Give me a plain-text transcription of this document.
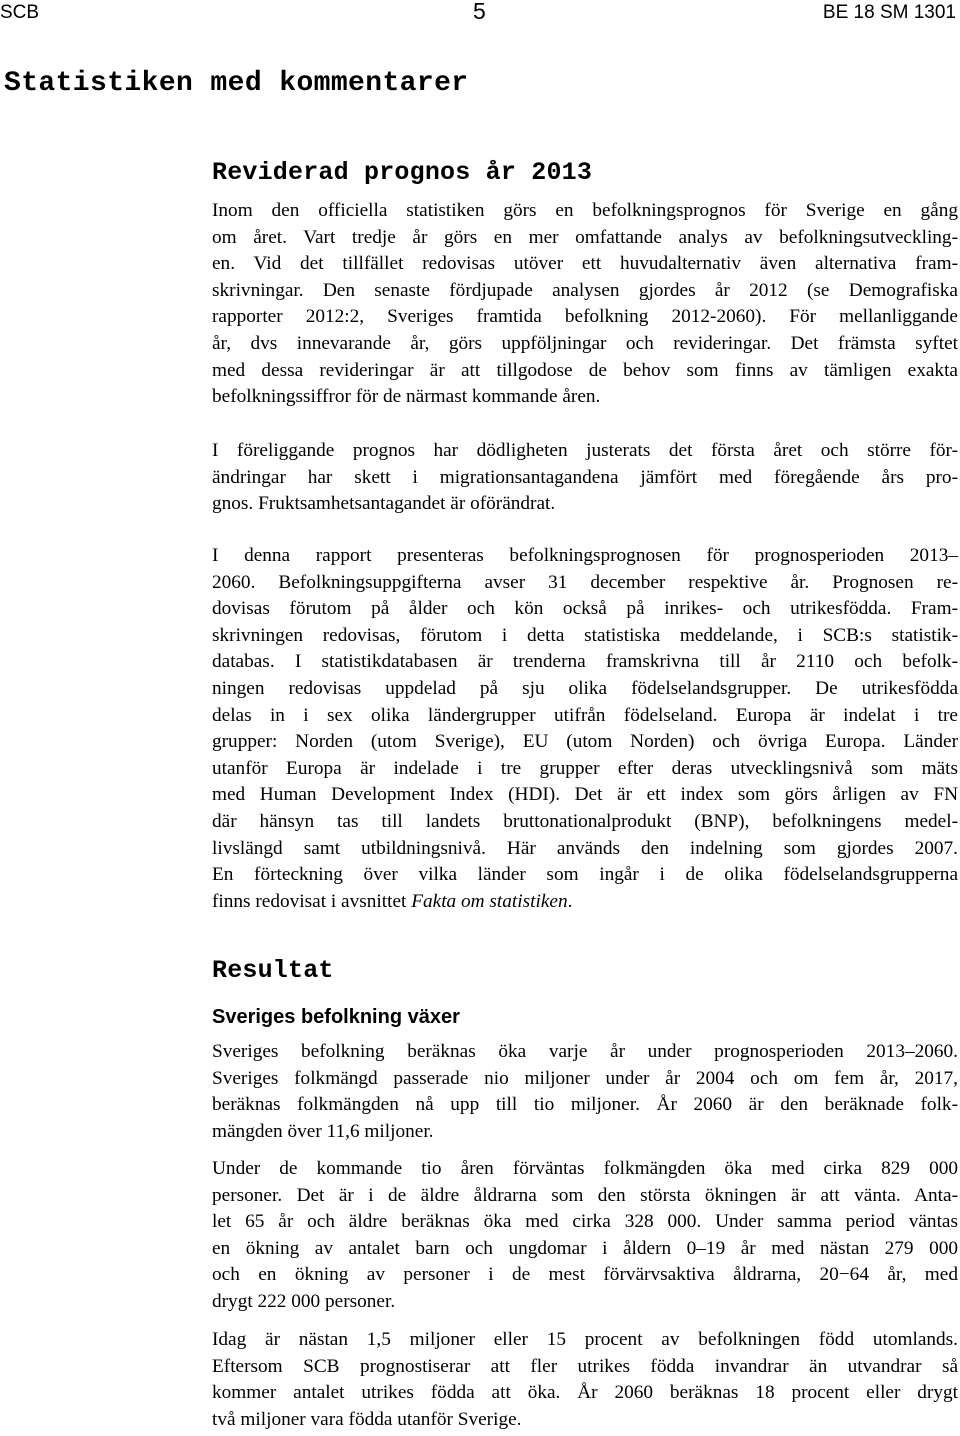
SCB	5	BE 18 SM 1301
Statistiken med kommentarer
Reviderad prognos år 2013
Inom den officiella statistiken görs en befolkningsprognos för Sverige en gång
om året. Vart tredje år görs en mer omfattande analys av befolkningsutveckling-
en. Vid det tillfället redovisas utöver ett huvudalternativ även alternativa fram-
skrivningar. Den senaste fördjupade analysen gjordes år 2012 (se Demografiska
rapporter 2012:2, Sveriges framtida befolkning 2012-2060). För mellanliggande
år, dvs innevarande år, görs uppföljningar och revideringar. Det främsta syftet
med dessa revideringar är att tillgodose de behov som finns av tämligen exakta
befolkningssiffror för de närmast kommande åren.
I föreliggande prognos har dödligheten justerats det första året och större för-
ändringar har skett i migrationsantagandena jämfört med föregående års pro-
gnos. Fruktsamhetsantagandet är oförändrat.
I denna rapport presenteras befolkningsprognosen för prognosperioden 2013–
2060. Befolkningsuppgifterna avser 31 december respektive år. Prognosen re-
dovisas förutom på ålder och kön också på inrikes- och utrikesfödda. Fram-
skrivningen redovisas, förutom i detta statistiska meddelande, i SCB:s statistik-
databas. I statistikdatabasen är trenderna framskrivna till år 2110 och befolk-
ningen redovisas uppdelad på sju olika födelselandsgrupper. De utrikesfödda
delas in i sex olika ländergrupper utifrån födelseland. Europa är indelat i tre
grupper: Norden (utom Sverige), EU (utom Norden) och övriga Europa. Länder
utanför Europa är indelade i tre grupper efter deras utvecklingsnivå som mäts
med Human Development Index (HDI). Det är ett index som görs årligen av FN
där hänsyn tas till landets bruttonationalprodukt (BNP), befolkningens medel-
livslängd samt utbildningsnivå. Här används den indelning som gjordes 2007.
En förteckning över vilka länder som ingår i de olika födelselandsgrupperna
finns redovisat i avsnittet Fakta om statistiken.
Resultat
Sveriges befolkning växer
Sveriges befolkning beräknas öka varje år under prognosperioden 2013–2060.
Sveriges folkmängd passerade nio miljoner under år 2004 och om fem år, 2017,
beräknas folkmängden nå upp till tio miljoner. År 2060 är den beräknade folk-
mängden över 11,6 miljoner.
Under de kommande tio åren förväntas folkmängden öka med cirka 829 000
personer. Det är i de äldre åldrarna som den största ökningen är att vänta. Anta-
let 65 år och äldre beräknas öka med cirka 328 000. Under samma period väntas
en ökning av antalet barn och ungdomar i åldern 0–19 år med nästan 279 000
och en ökning av personer i de mest förvärvsaktiva åldrarna, 20−64 år, med
drygt 222 000 personer.
Idag är nästan 1,5 miljoner eller 15 procent av befolkningen född utomlands.
Eftersom SCB prognostiserar att fler utrikes födda invandrar än utvandrar så
kommer antalet utrikes födda att öka. År 2060 beräknas 18 procent eller drygt
två miljoner vara födda utanför Sverige.
